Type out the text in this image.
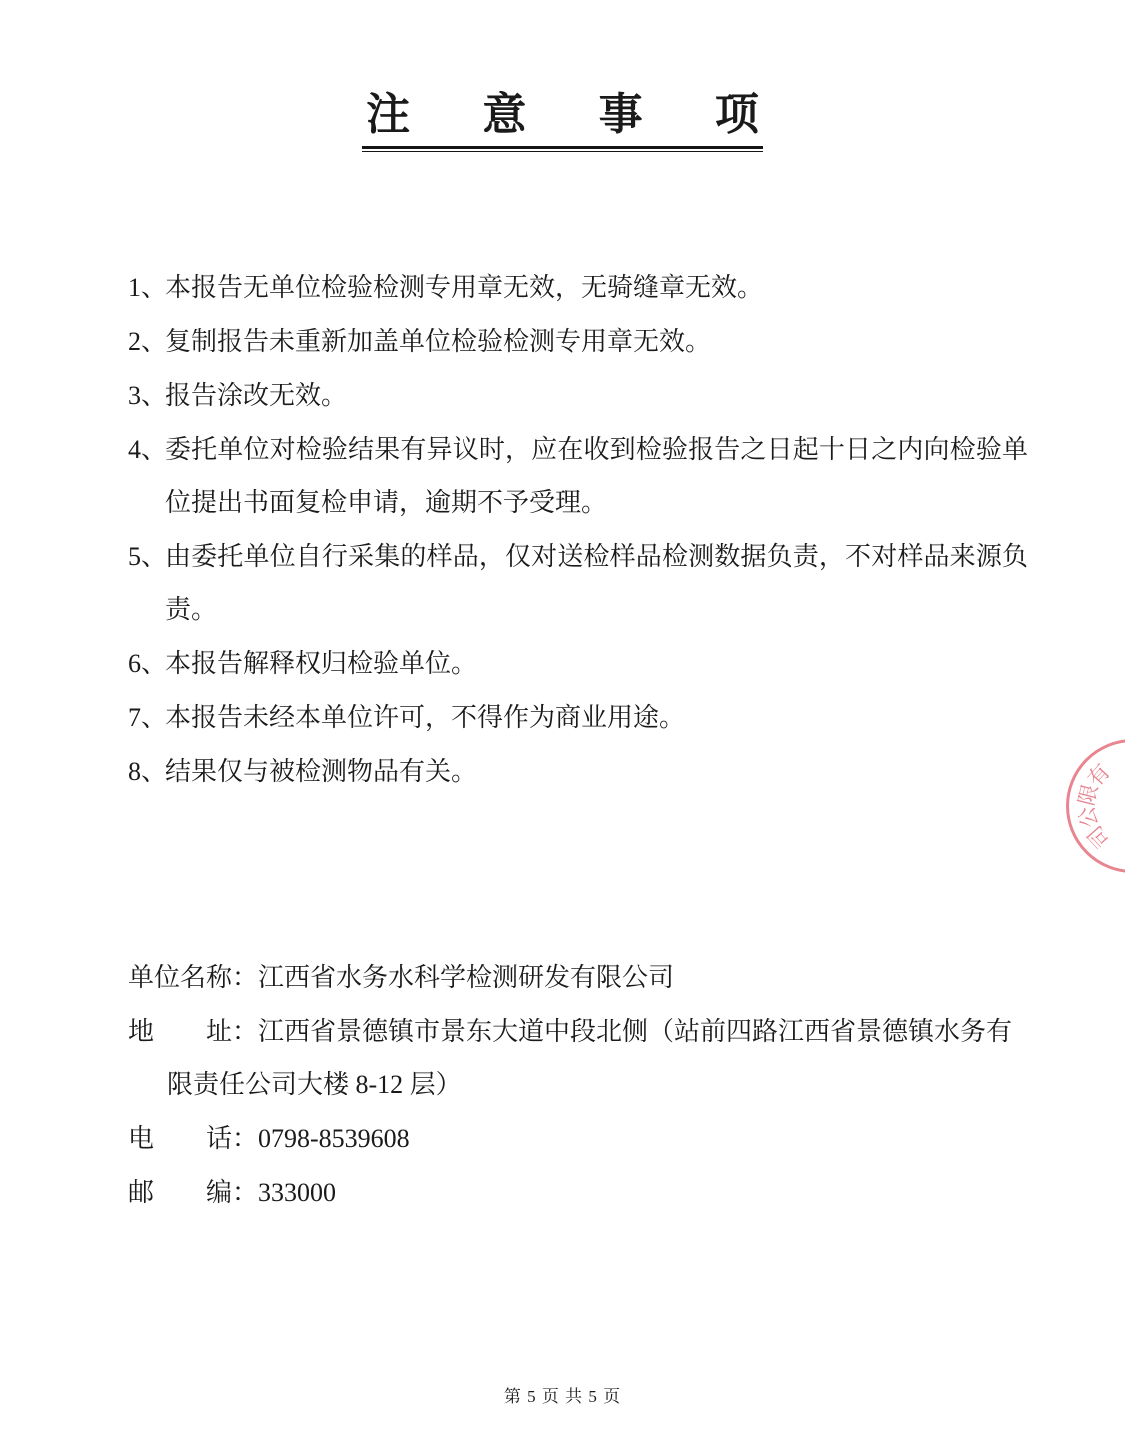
注 意 事 项
1、
本报告无单位检验检测专用章无效，无骑缝章无效。
2、
复制报告未重新加盖单位检验检测专用章无效。
3、
报告涂改无效。
4、
委托单位对检验结果有异议时，应在收到检验报告之日起十日之内向检验单位提出书面复检申请，逾期不予受理。
5、
由委托单位自行采集的样品，仅对送检样品检测数据负责，不对样品来源负责。
6、
本报告解释权归检验单位。
7、
本报告未经本单位许可，不得作为商业用途。
8、
结果仅与被检测物品有关。
单位名称：江西省水务水科学检测研发有限公司
地　　址：江西省景德镇市景东大道中段北侧（站前四路江西省景德镇水务有限责任公司大楼 8-12 层）
电　　话：0798-8539608
邮　　编：333000
有
限
公
司
第 5 页 共 5 页
